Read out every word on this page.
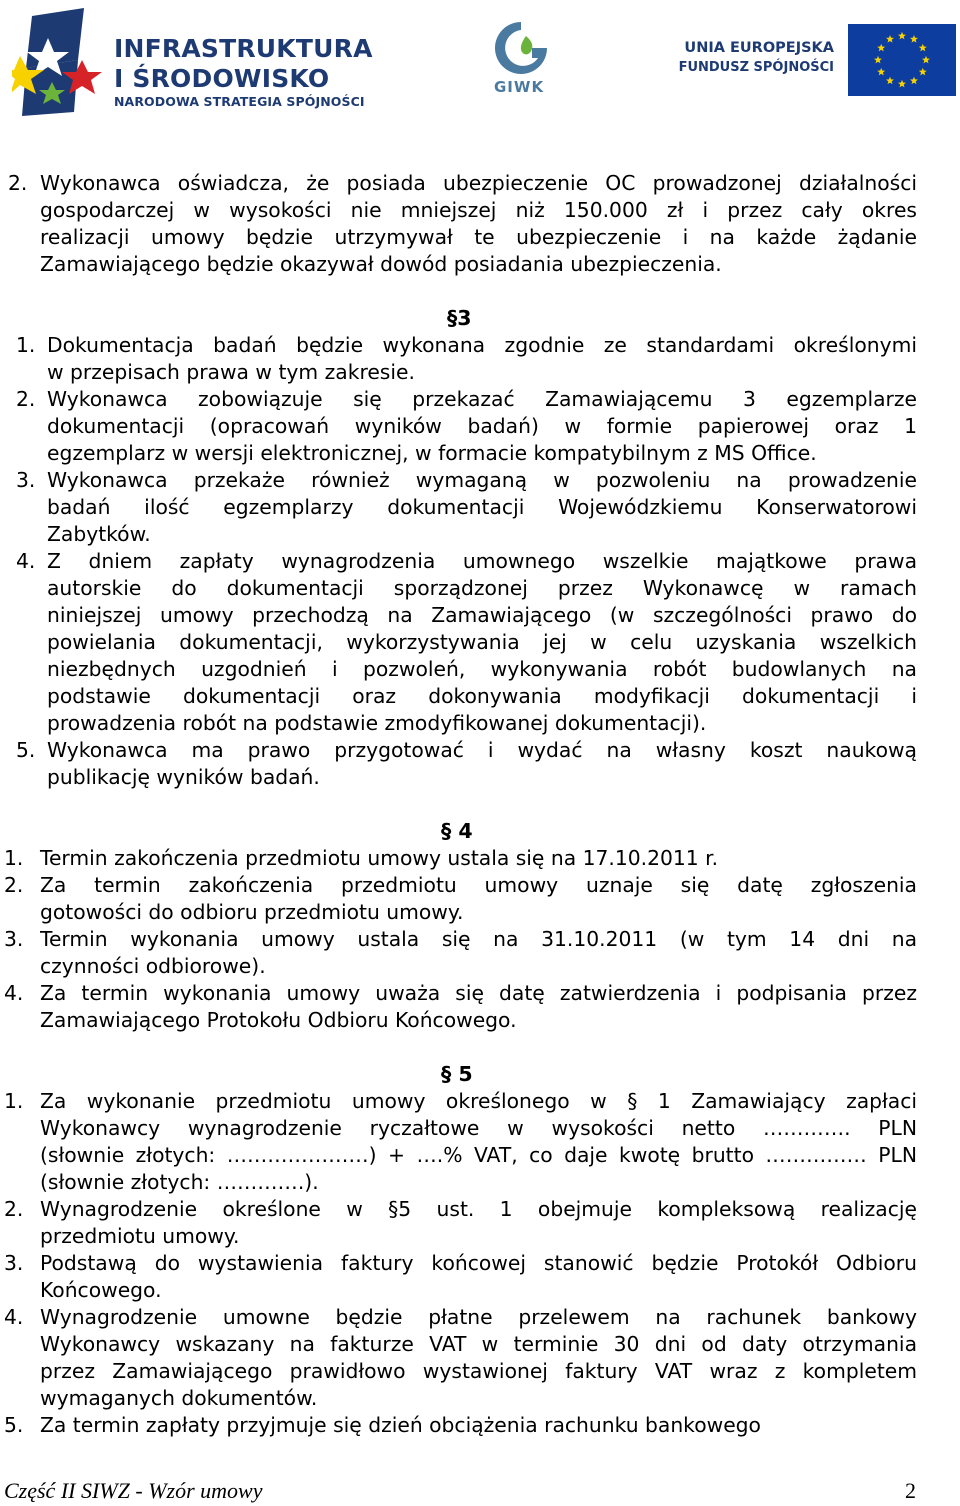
INFRASTRUKTURA
I ŚRODOWISKO
NARODOWA STRATEGIA SPÓJNOŚCI
GIWK
UNIA EUROPEJSKA
FUNDUSZ SPÓJNOŚCI
2. Wykonawca oświadcza, że posiada ubezpieczenie OC prowadzonej działalności
gospodarczej w wysokości nie mniejszej niż 150.000 zł i przez cały okres
realizacji umowy będzie utrzymywał te ubezpieczenie i na każde żądanie
Zamawiającego będzie okazywał dowód posiadania ubezpieczenia.
§3
1. Dokumentacja badań będzie wykonana zgodnie ze standardami określonymi
w przepisach prawa w tym zakresie.
2. Wykonawca zobowiązuje się przekazać Zamawiającemu 3 egzemplarze
dokumentacji (opracowań wyników badań) w formie papierowej oraz 1
egzemplarz w wersji elektronicznej, w formacie kompatybilnym z MS Office.
3. Wykonawca przekaże również wymaganą w pozwoleniu na prowadzenie
badań ilość egzemplarzy dokumentacji Wojewódzkiemu Konserwatorowi
Zabytków.
4. Z dniem zapłaty wynagrodzenia umownego wszelkie majątkowe prawa
autorskie do dokumentacji sporządzonej przez Wykonawcę w ramach
niniejszej umowy przechodzą na Zamawiającego (w szczególności prawo do
powielania dokumentacji, wykorzystywania jej w celu uzyskania wszelkich
niezbędnych uzgodnień i pozwoleń, wykonywania robót budowlanych na
podstawie dokumentacji oraz dokonywania modyfikacji dokumentacji i
prowadzenia robót na podstawie zmodyfikowanej dokumentacji).
5. Wykonawca ma prawo przygotować i wydać na własny koszt naukową
publikację wyników badań.
§ 4
1. Termin zakończenia przedmiotu umowy ustala się na 17.10.2011 r.
2. Za termin zakończenia przedmiotu umowy uznaje się datę zgłoszenia
gotowości do odbioru przedmiotu umowy.
3. Termin wykonania umowy ustala się na 31.10.2011 (w tym 14 dni na
czynności odbiorowe).
4. Za termin wykonania umowy uważa się datę zatwierdzenia i podpisania przez
Zamawiającego Protokołu Odbioru Końcowego.
§ 5
1. Za wykonanie przedmiotu umowy określonego w § 1 Zamawiający zapłaci
Wykonawcy wynagrodzenie ryczałtowe w wysokości netto …………. PLN
(słownie złotych: …………………) + ….% VAT, co daje kwotę brutto …………… PLN
(słownie złotych: ………….).
2. Wynagrodzenie określone w §5 ust. 1 obejmuje kompleksową realizację
przedmiotu umowy.
3. Podstawą do wystawienia faktury końcowej stanowić będzie Protokół Odbioru
Końcowego.
4. Wynagrodzenie umowne będzie płatne przelewem na rachunek bankowy
Wykonawcy wskazany na fakturze VAT w terminie 30 dni od daty otrzymania
przez Zamawiającego prawidłowo wystawionej faktury VAT wraz z kompletem
wymaganych dokumentów.
5. Za termin zapłaty przyjmuje się dzień obciążenia rachunku bankowego
Część II SIWZ - Wzór umowy	2
